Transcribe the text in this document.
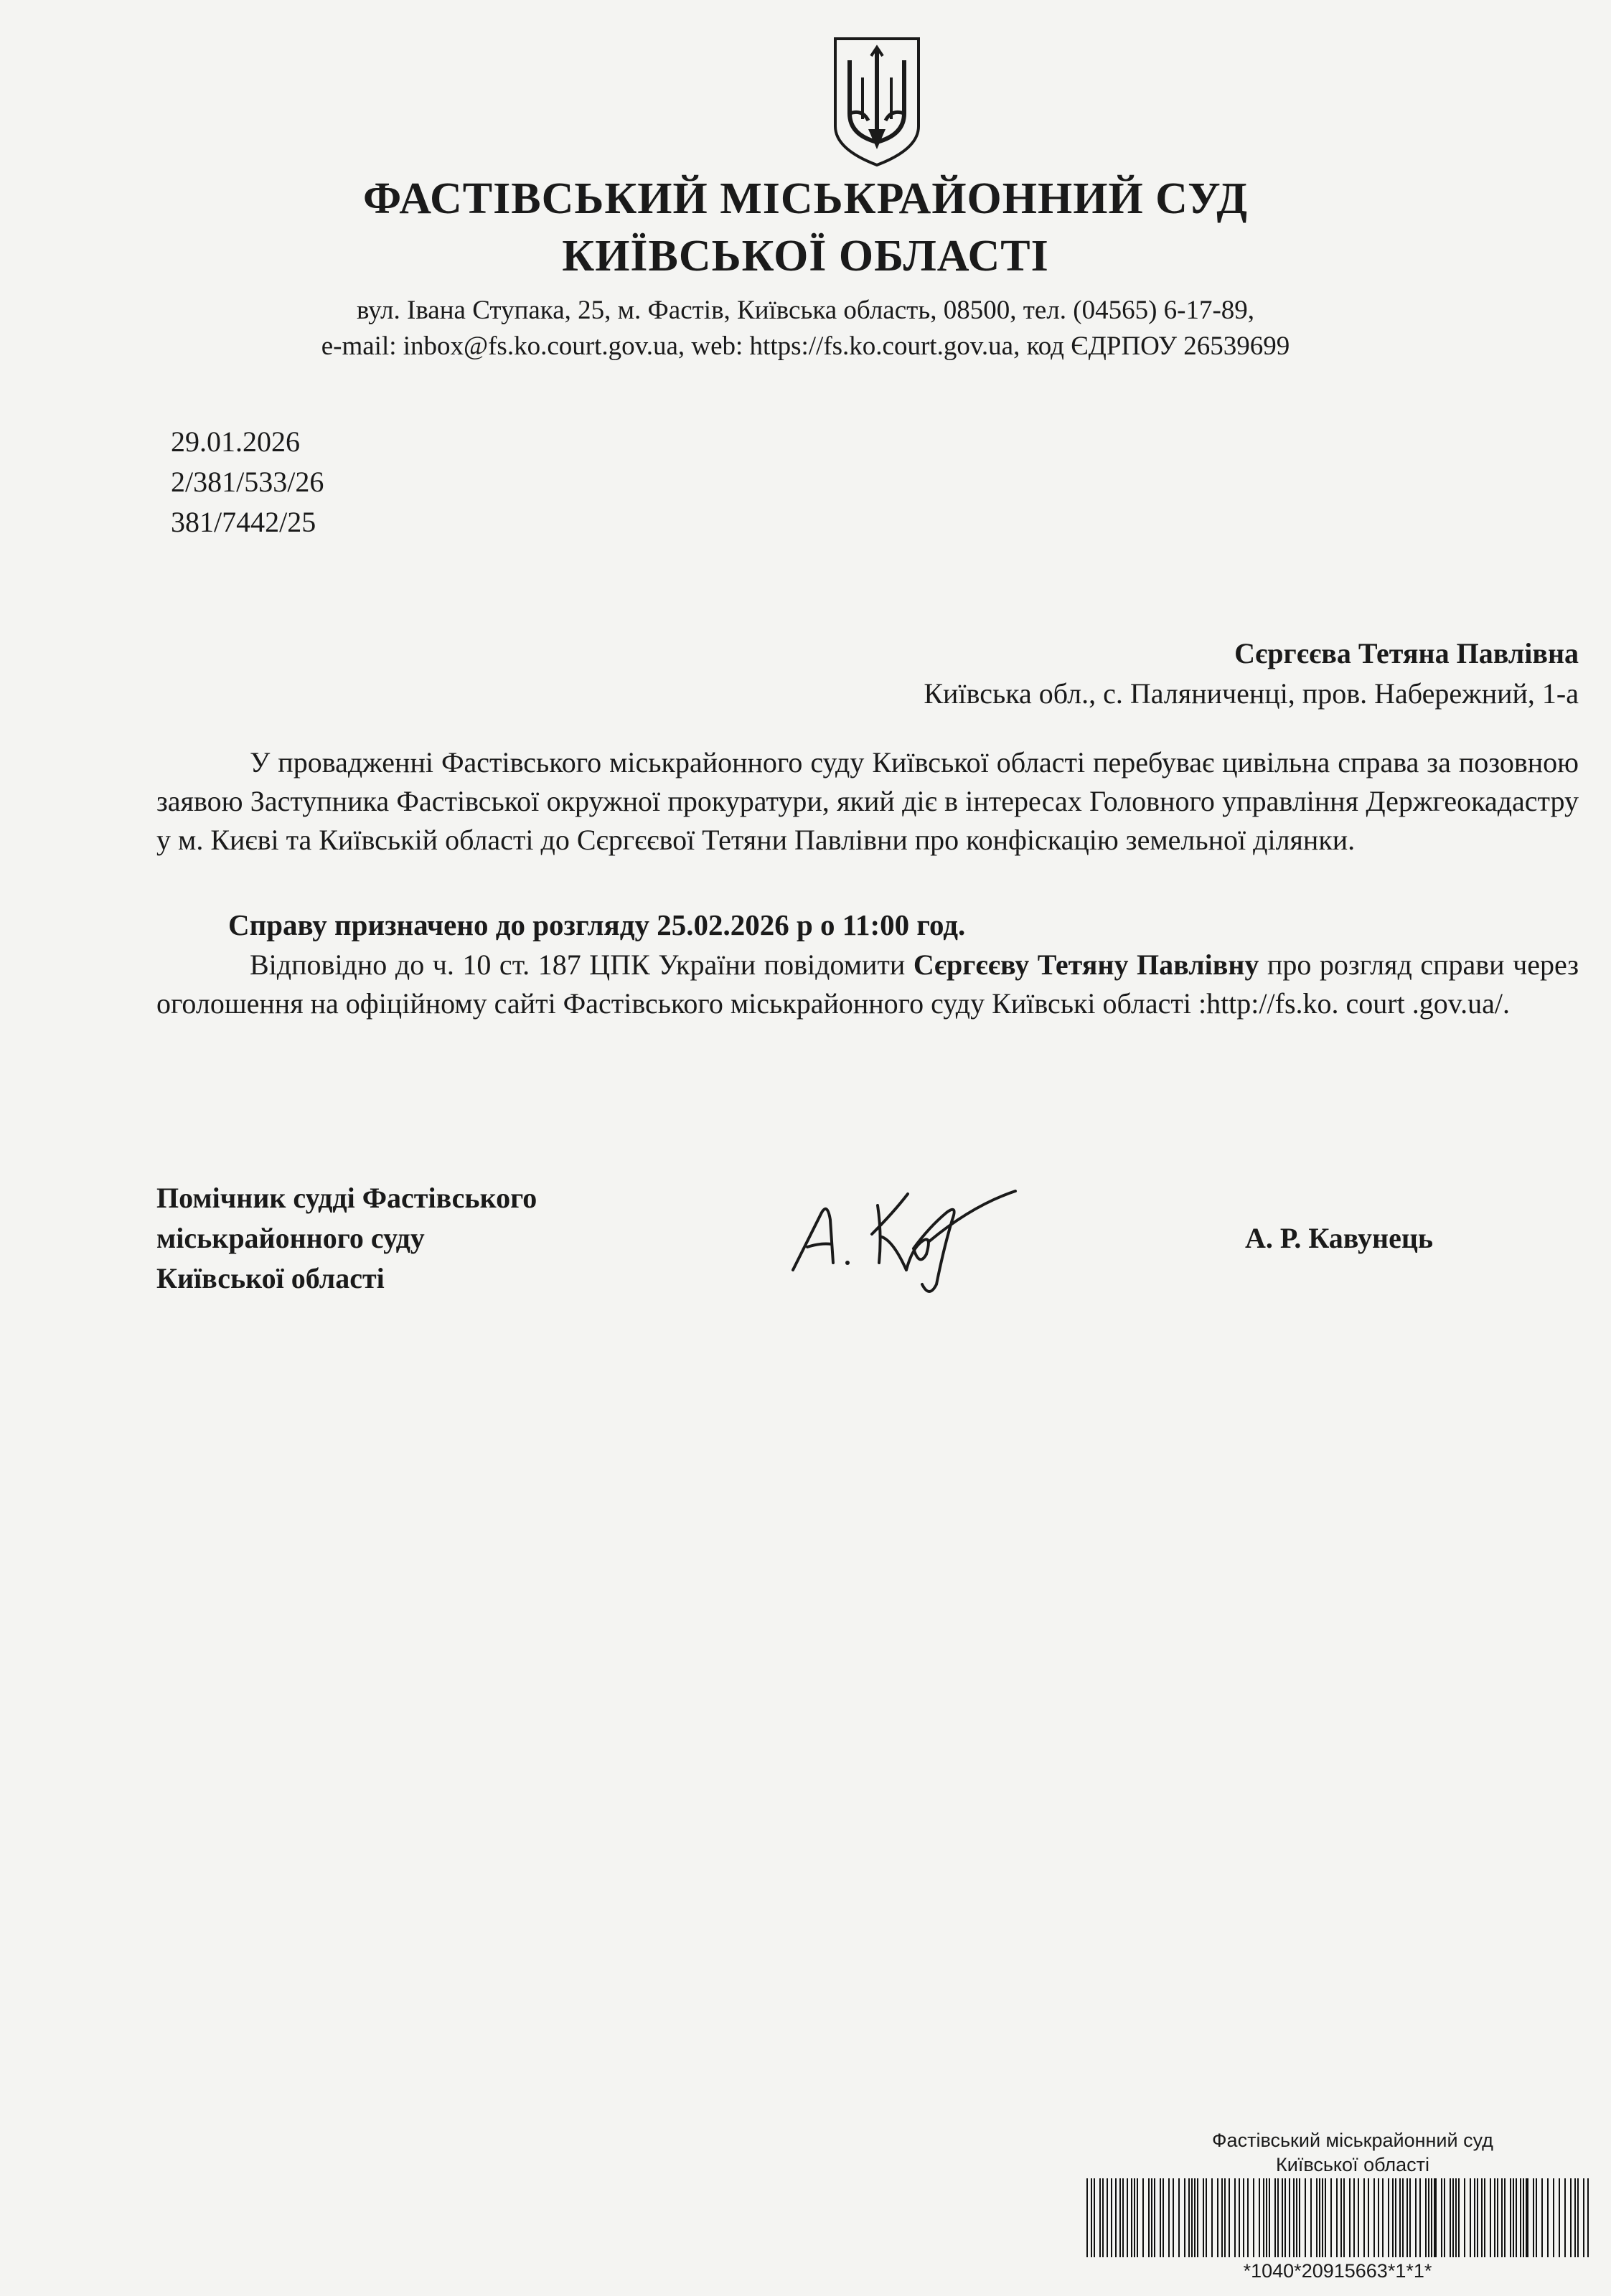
ФАСТІВСЬКИЙ МІСЬКРАЙОННИЙ СУД
КИЇВСЬКОЇ ОБЛАСТІ
вул. Івана Ступака, 25, м. Фастів, Київська область, 08500, тел. (04565) 6-17-89,
e-mail: inbox@fs.ko.court.gov.ua, web: https://fs.ko.court.gov.ua, код ЄДРПОУ 26539699
29.01.2026
2/381/533/26
381/7442/25
Сєргєєва Тетяна Павлівна
Київська обл., с. Паляниченці, пров. Набережний, 1-а
У провадженні Фастівського міськрайонного суду Київської області перебуває цивільна справа за позовною заявою Заступника Фастівської окружної прокуратури, який діє в інтересах Головного управління Держгеокадастру у м. Києві та Київській області до Сєргєєвої Тетяни Павлівни про конфіскацію земельної ділянки.
Справу призначено до розгляду 25.02.2026 р о 11:00 год.
Відповідно до ч. 10 ст. 187 ЦПК України повідомити Сєргєєву Тетяну Павлівну про розгляд справи через оголошення на офіційному сайті Фастівського міськрайонного суду Київські області :http://fs.ko. court .gov.ua/.
Помічник судді Фастівського
міськрайонного суду
Київської області
А. Р. Кавунець
Фастівський міськрайонний суд
Київської області
*1040*20915663*1*1*
